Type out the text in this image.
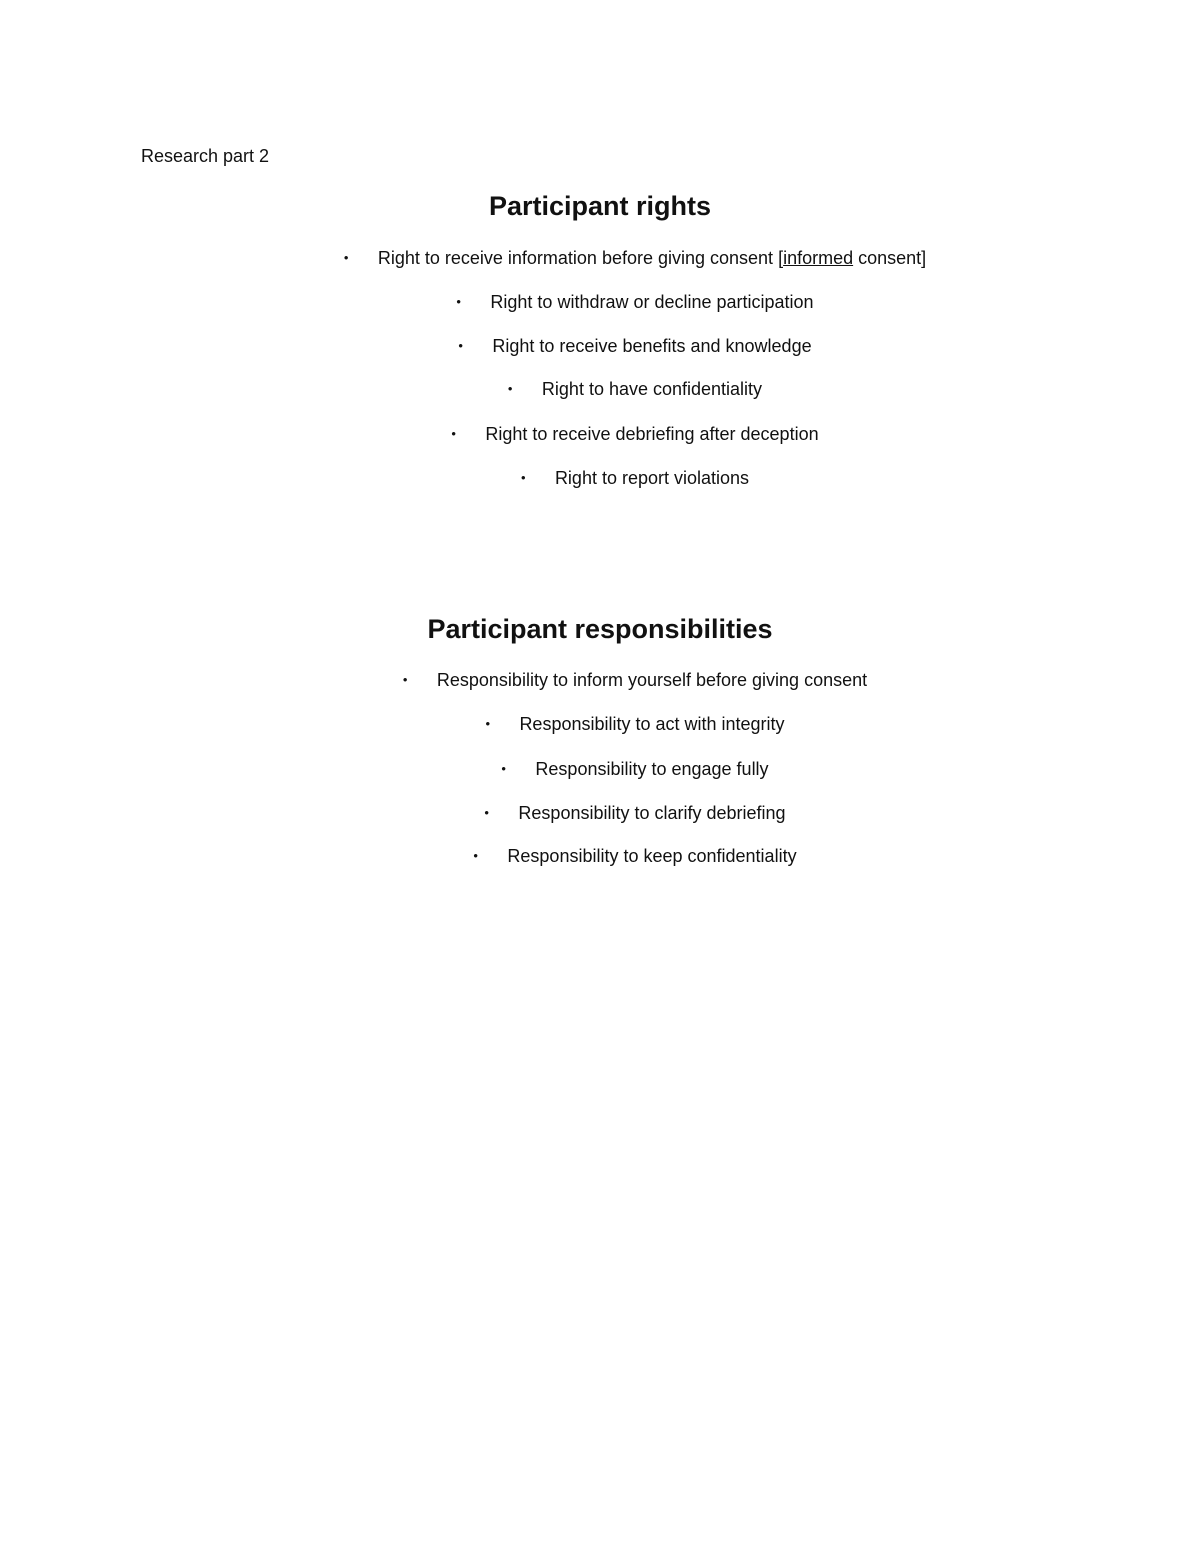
Research part 2
Participant rights
• Right to receive information before giving consent [informed consent]
• Right to withdraw or decline participation
• Right to receive benefits and knowledge
• Right to have confidentiality
• Right to receive debriefing after deception
• Right to report violations
Participant responsibilities
• Responsibility to inform yourself before giving consent
• Responsibility to act with integrity
• Responsibility to engage fully
• Responsibility to clarify debriefing
• Responsibility to keep confidentiality
